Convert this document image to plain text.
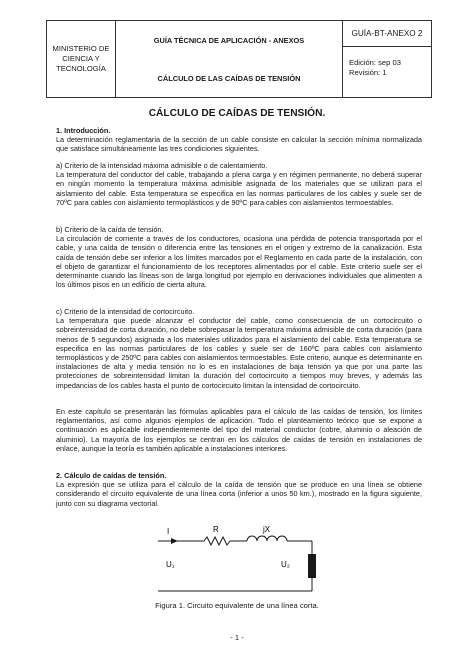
MINISTERIO DE CIENCIA Y TECNOLOGÍA
GUÍA TÉCNICA DE APLICACIÓN - ANEXOS
CÁLCULO DE LAS CAÍDAS DE TENSIÓN
GUÍA-BT-ANEXO 2
Edición: sep 03
Revisión: 1
CÁLCULO DE CAÍDAS DE TENSIÓN.

1. Introducción.

La determinación reglamentaria de la sección de un cable consiste en calcular la sección mínima normalizada que satisface simultáneamente las tres condiciones siguientes.

a) Criterio de la intensidad máxima admisible o de calentamiento.

La temperatura del conductor del cable, trabajando a plena carga y en régimen permanente, no deberá superar en ningún momento la temperatura máxima admisible asignada de los materiales que se utilizan para el aislamiento del cable. Esta temperatura se especifica en las normas particulares de los cables y suele ser de 70ºC para cables con aislamiento termoplásticos y de 90ºC para cables con aislamientos termoestables.

b) Criterio de la caída de tensión.

La circulación de corriente a través de los conductores, ocasiona una pérdida de potencia transportada por el cable, y una caída de tensión o diferencia entre las tensiones en el origen y extremo de la canalización. Esta caída de tensión debe ser inferior a los límites marcados por el Reglamento en cada parte de la instalación, con el objeto de garantizar el funcionamiento de los receptores alimentados por el cable. Este criterio suele ser el determinante cuando las líneas son de larga longitud por ejemplo en derivaciones individuales que alimenten a los últimos pisos en un edificio de cierta altura.

c) Criterio de la intensidad de cortocircuito.

La temperatura que puede alcanzar el conductor del cable, como consecuencia de un cortocircuito o sobreintensidad de corta duración, no debe sobrepasar la temperatura máxima admisible de corta duración (para menos de 5 segundos) asignada a los materiales utilizados para el aislamiento del cable. Esta temperatura se especifica en las normas particulares de los cables y suele ser de 160ºC para cables con aislamiento termoplásticos y de 250ºC para cables con aislamientos termoestables. Este criterio, aunque es determinante en instalaciones de alta y media tensión no lo es en instalaciones de baja tensión ya que por una parte las protecciones de sobreintensidad limitan la duración del cortocircuito a tiempos muy breves, y además las impedancias de los cables hasta el punto de cortocircuito limitan la intensidad de cortocircuito.

En este capítulo se presentarán las fórmulas aplicables para el cálculo de las caídas de tensión, los límites reglamentarios, así como algunos ejemplos de aplicación. Todo el planteamiento teórico que se expone a continuación es aplicable independientemente del tipo del material conductor (cobre, aluminio o aleación de aluminio). La mayoría de los ejemplos se centran en los cálculos de caídas de tensión en instalaciones de enlace, aunque la teoría es también aplicable a instalaciones interiores.

2. Cálculo de caídas de tensión.

La expresión que se utiliza para el cálculo de la caída de tensión que se produce en una línea se obtiene considerando el circuito equivalente de una línea corta (inferior a unos 50 km.), mostrado en la figura siguiente, junto con su diagrama vectorial.

I	R	jX
U₁	U₂
Figura 1. Circuito equivalente de una línea corta.
- 1 -
